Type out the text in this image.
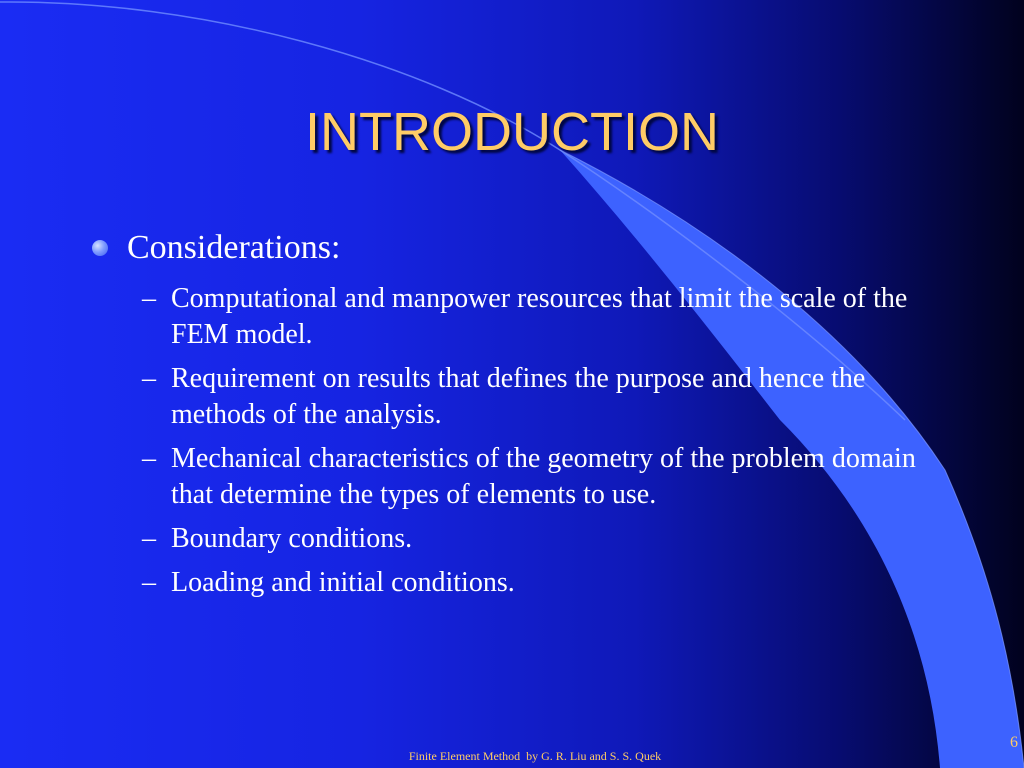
INTRODUCTION
Considerations:
– Computational and manpower resources that limit the scale of the FEM model.
– Requirement on results that defines the purpose and hence the methods of the analysis.
– Mechanical characteristics of the geometry of the problem domain that determine the types of elements to use.
– Boundary conditions.
– Loading and initial conditions.
Finite Element Method  by G. R. Liu and S. S. Quek
6
